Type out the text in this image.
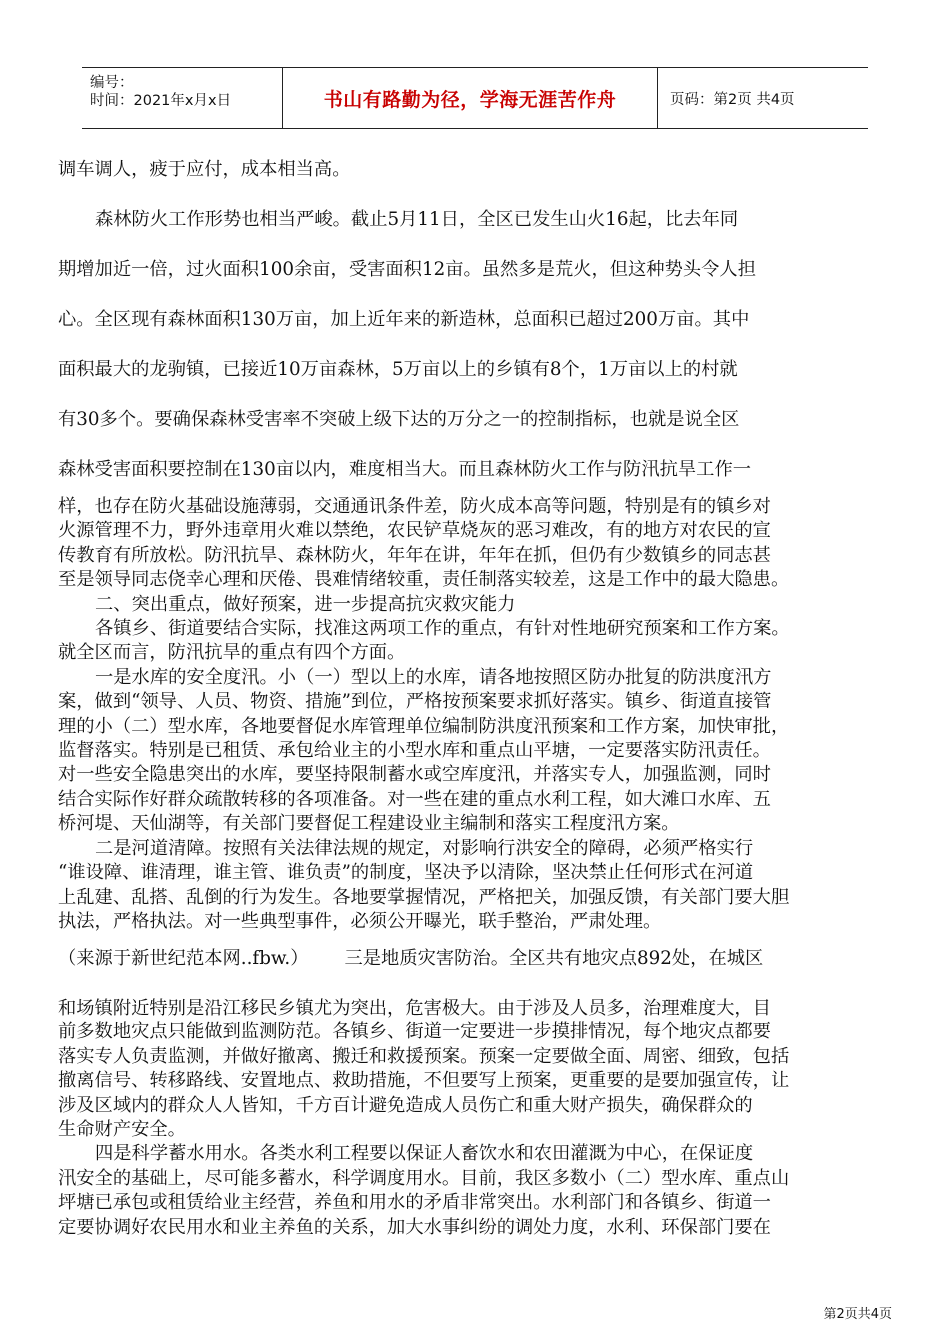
编号：
时间：2021年x月x日	书山有路勤为径，学海无涯苦作舟	页码：第2页 共4页
调车调人，疲于应付，成本相当高。
森林防火工作形势也相当严峻。截止5月11日，全区已发生山火16起，比去年同
期增加近一倍，过火面积100余亩，受害面积12亩。虽然多是荒火，但这种势头令人担
心。全区现有森林面积130万亩，加上近年来的新造林，总面积已超过200万亩。其中
面积最大的龙驹镇，已接近10万亩森林，5万亩以上的乡镇有8个，1万亩以上的村就
有30多个。要确保森林受害率不突破上级下达的万分之一的控制指标，也就是说全区
森林受害面积要控制在130亩以内，难度相当大。而且森林防火工作与防汛抗旱工作一
样，也存在防火基础设施薄弱，交通通讯条件差，防火成本高等问题，特别是有的镇乡对
火源管理不力，野外违章用火难以禁绝，农民铲草烧灰的恶习难改，有的地方对农民的宣
传教育有所放松。防汛抗旱、森林防火，年年在讲，年年在抓，但仍有少数镇乡的同志甚
至是领导同志侥幸心理和厌倦、畏难情绪较重，责任制落实较差，这是工作中的最大隐患。
二、突出重点，做好预案，进一步提高抗灾救灾能力
各镇乡、街道要结合实际，找准这两项工作的重点，有针对性地研究预案和工作方案。
就全区而言，防汛抗旱的重点有四个方面。
一是水库的安全度汛。小（一）型以上的水库，请各地按照区防办批复的防洪度汛方
案，做到“领导、人员、物资、措施”到位，严格按预案要求抓好落实。镇乡、街道直接管
理的小（二）型水库，各地要督促水库管理单位编制防洪度汛预案和工作方案，加快审批，
监督落实。特别是已租赁、承包给业主的小型水库和重点山平塘，一定要落实防汛责任。
对一些安全隐患突出的水库，要坚持限制蓄水或空库度汛，并落实专人，加强监测，同时
结合实际作好群众疏散转移的各项准备。对一些在建的重点水利工程，如大滩口水库、五
桥河堤、天仙湖等，有关部门要督促工程建设业主编制和落实工程度汛方案。
二是河道清障。按照有关法律法规的规定，对影响行洪安全的障碍，必须严格实行
“谁设障、谁清理，谁主管、谁负责”的制度，坚决予以清除，坚决禁止任何形式在河道
上乱建、乱搭、乱倒的行为发生。各地要掌握情况，严格把关，加强反馈，有关部门要大胆
执法，严格执法。对一些典型事件，必须公开曝光，联手整治，严肃处理。
（来源于新世纪范本网..fbw.） 三是地质灾害防治。全区共有地灾点892处，在城区
和场镇附近特别是沿江移民乡镇尤为突出，危害极大。由于涉及人员多，治理难度大，目
前多数地灾点只能做到监测防范。各镇乡、街道一定要进一步摸排情况，每个地灾点都要
落实专人负责监测，并做好撤离、搬迁和救援预案。预案一定要做全面、周密、细致，包括
撤离信号、转移路线、安置地点、救助措施，不但要写上预案，更重要的是要加强宣传，让
涉及区域内的群众人人皆知，千方百计避免造成人员伤亡和重大财产损失，确保群众的
生命财产安全。
四是科学蓄水用水。各类水利工程要以保证人畜饮水和农田灌溉为中心，在保证度
汛安全的基础上，尽可能多蓄水，科学调度用水。目前，我区多数小（二）型水库、重点山
坪塘已承包或租赁给业主经营，养鱼和用水的矛盾非常突出。水利部门和各镇乡、街道一
定要协调好农民用水和业主养鱼的关系，加大水事纠纷的调处力度，水利、环保部门要在
第2页共4页
